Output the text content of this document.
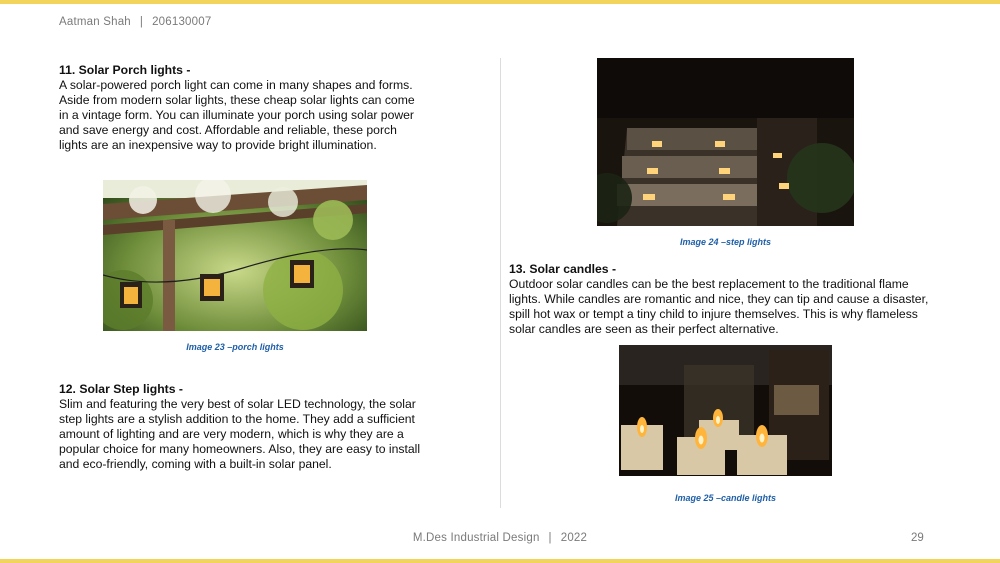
Aatman Shah | 206130007
11. Solar Porch lights -

A solar-powered porch light can come in many shapes and forms. Aside from modern solar lights, these cheap solar lights can come in a vintage form. You can illuminate your porch using solar power and save energy and cost. Affordable and reliable, these porch lights are an inexpensive way to provide bright illumination.

Image 23 –porch lights
12. Solar Step lights -

Slim and featuring the very best of solar LED technology, the solar step lights are a stylish addition to the home. They add a sufficient amount of lighting and are very modern, which is why they are a popular choice for many homeowners. Also, they are easy to install and eco-friendly, coming with a built-in solar panel.

Image 24 –step lights
13. Solar candles -

Outdoor solar candles can be the best replacement to the traditional flame lights. While candles are romantic and nice, they can tip and cause a disaster, spill hot wax or tempt a tiny child to injure themselves. This is why flameless solar candles are seen as their perfect alternative.

Image 25 –candle lights
M.Des Industrial Design | 2022	29
